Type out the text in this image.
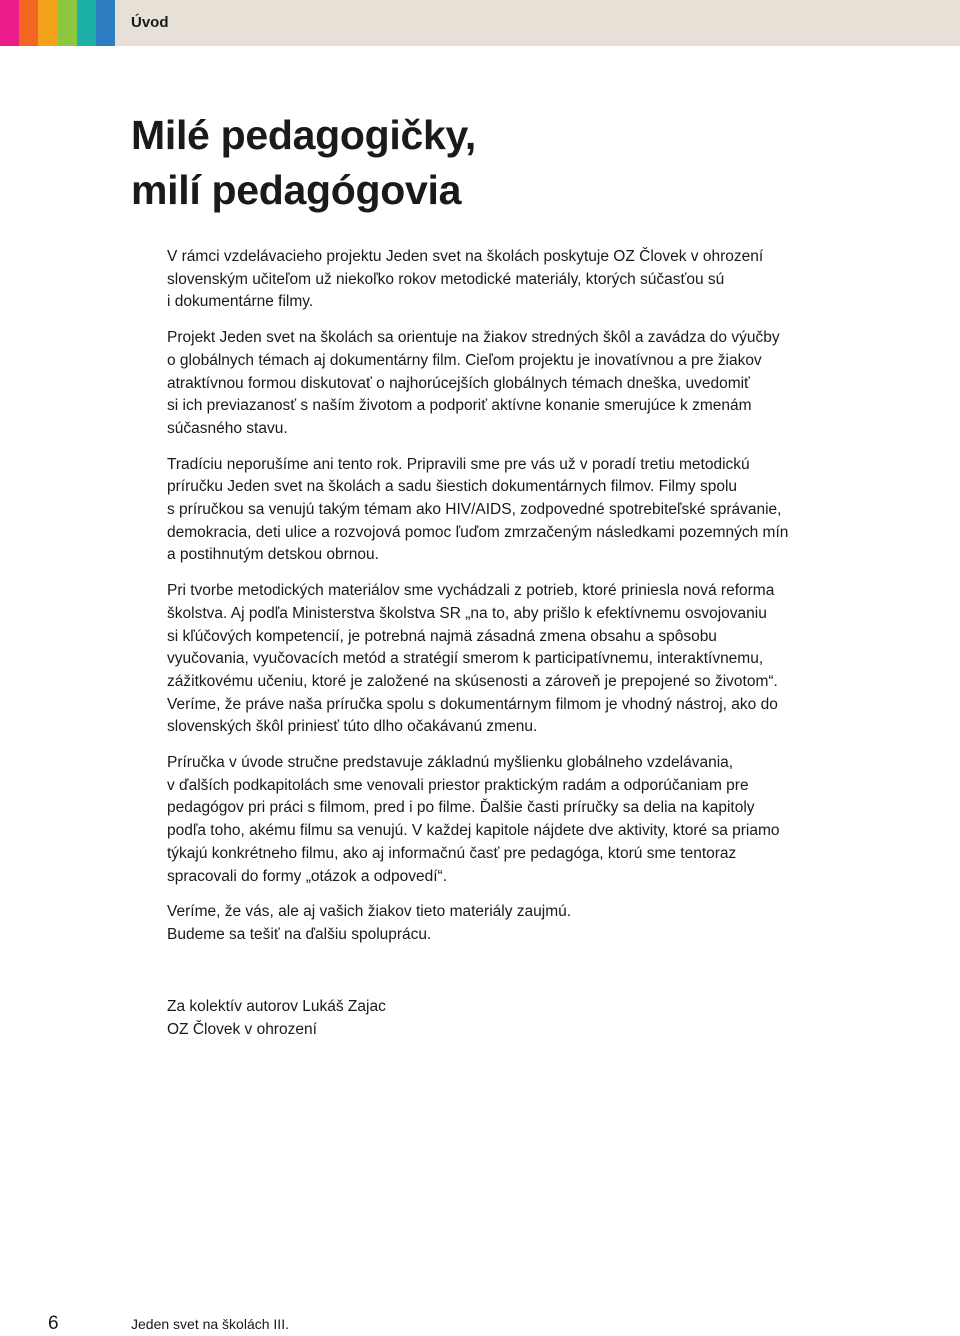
Úvod
Milé pedagogičky,
milí pedagógovia

V rámci vzdelávacieho projektu Jeden svet na školách poskytuje OZ Človek v ohrození
slovenským učiteľom už niekoľko rokov metodické materiály, ktorých súčasťou sú
i dokumentárne filmy.

Projekt Jeden svet na školách sa orientuje na žiakov stredných škôl a zavádza do výučby
o globálnych témach aj dokumentárny film. Cieľom projektu je inovatívnou a pre žiakov
atraktívnou formou diskutovať o najhorúcejších globálnych témach dneška, uvedomiť
si ich previazanosť s naším životom a podporiť aktívne konanie smerujúce k zmenám
súčasného stavu.

Tradíciu neporušíme ani tento rok. Pripravili sme pre vás už v poradí tretiu metodickú
príručku Jeden svet na školách a sadu šiestich dokumentárnych filmov. Filmy spolu
s príručkou sa venujú takým témam ako HIV/AIDS, zodpovedné spotrebiteľské správanie,
demokracia, deti ulice a rozvojová pomoc ľuďom zmrzačeným následkami pozemných mín
a postihnutým detskou obrnou.

Pri tvorbe metodických materiálov sme vychádzali z potrieb, ktoré priniesla nová reforma
školstva. Aj podľa Ministerstva školstva SR „na to, aby prišlo k efektívnemu osvojovaniu
si kľúčových kompetencií, je potrebná najmä zásadná zmena obsahu a spôsobu
vyučovania, vyučovacích metód a stratégií smerom k participatívnemu, interaktívnemu,
zážitkovému učeniu, ktoré je založené na skúsenosti a zároveň je prepojené so životom“.
Veríme, že práve naša príručka spolu s dokumentárnym filmom je vhodný nástroj, ako do
slovenských škôl priniesť túto dlho očakávanú zmenu.

Príručka v úvode stručne predstavuje základnú myšlienku globálneho vzdelávania,
v ďalších podkapitolách sme venovali priestor praktickým radám a odporúčaniam pre
pedagógov pri práci s filmom, pred i po filme. Ďalšie časti príručky sa delia na kapitoly
podľa toho, akému filmu sa venujú. V každej kapitole nájdete dve aktivity, ktoré sa priamo
týkajú konkrétneho filmu, ako aj informačnú časť pre pedagóga, ktorú sme tentoraz
spracovali do formy „otázok a odpovedí“.

Veríme, že vás, ale aj vašich žiakov tieto materiály zaujmú.
Budeme sa tešiť na ďalšiu spoluprácu.

Za kolektív autorov Lukáš Zajac
OZ Človek v ohrození
6	Jeden svet na školách III.
